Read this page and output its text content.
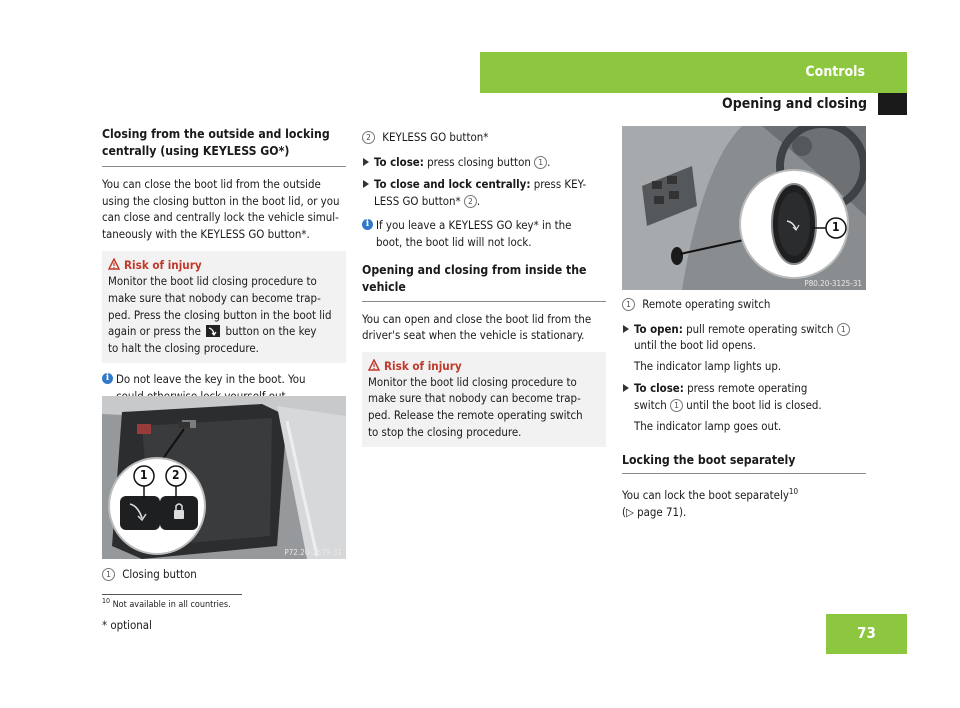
Controls
Opening and closing

Closing from the outside and locking centrally (using KEYLESS GO*)

You can close the boot lid from the outside

using the closing button in the boot lid, or you

can close and centrally lock the vehicle simul-

taneously with the KEYLESS GO button*.

Risk of injury

Monitor the boot lid closing procedure to

make sure that nobody can become trap-

ped. Press the closing button in the boot lid

again or press the button on the key

to halt the closing procedure.

i Do not leave the key in the boot. You

1 2
P72.20-2679-31

1 Closing button

2 KEYLESS GO button*

To close: press closing button 1 .

To close and lock centrally: press KEY-

LESS GO button* 2 .

i If you leave a KEYLESS GO key* in the

boot, the boot lid will not lock.

Opening and closing from inside the vehicle

You can open and close the boot lid from the

driver's seat when the vehicle is stationary.

Risk of injury

Monitor the boot lid closing procedure to

make sure that nobody can become trap-

ped. Release the remote operating switch

to stop the closing procedure.

1
P80.20-3125-31

1 Remote operating switch

To open: pull remote operating switch 1

until the boot lid opens.

The indicator lamp lights up.

To close: press remote operating

switch 1 until the boot lid is closed.

The indicator lamp goes out.

Locking the boot separately

You can lock the boot separately$^{10}$

(▷ page 71).

$^{10}$ Not available in all countries.
* optional	73
